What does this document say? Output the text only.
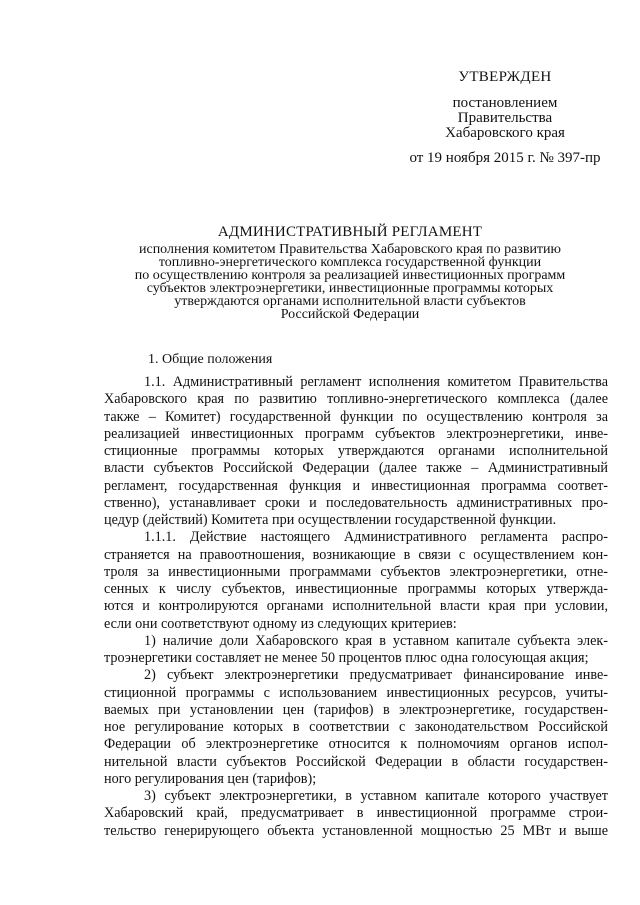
УТВЕРЖДЕН
постановлением
Правительства
Хабаровского края
от 19 ноября 2015 г. № 397-пр
АДМИНИСТРАТИВНЫЙ РЕГЛАМЕНТ
исполнения комитетом Правительства Хабаровского края по развитию
топливно-энергетического комплекса государственной функции
по осуществлению контроля за реализацией инвестиционных программ
субъектов электроэнергетики, инвестиционные программы которых
утверждаются органами исполнительной власти субъектов
Российской Федерации
1. Общие положения
1.1. Административный регламент исполнения комитетом Правительства
Хабаровского края по развитию топливно-энергетического комплекса (далее
также – Комитет) государственной функции по осуществлению контроля за
реализацией инвестиционных программ субъектов электроэнергетики, инве-
стиционные программы которых утверждаются органами исполнительной
власти субъектов Российской Федерации (далее также – Административный
регламент, государственная функция и инвестиционная программа соответ-
ственно), устанавливает сроки и последовательность административных про-
цедур (действий) Комитета при осуществлении государственной функции.
1.1.1. Действие настоящего Административного регламента распро-
страняется на правоотношения, возникающие в связи с осуществлением кон-
троля за инвестиционными программами субъектов электроэнергетики, отне-
сенных к числу субъектов, инвестиционные программы которых утвержда-
ются и контролируются органами исполнительной власти края при условии,
если они соответствуют одному из следующих критериев:
1) наличие доли Хабаровского края в уставном капитале субъекта элек-
троэнергетики составляет не менее 50 процентов плюс одна голосующая акция;
2) субъект электроэнергетики предусматривает финансирование инве-
стиционной программы с использованием инвестиционных ресурсов, учиты-
ваемых при установлении цен (тарифов) в электроэнергетике, государствен-
ное регулирование которых в соответствии с законодательством Российской
Федерации об электроэнергетике относится к полномочиям органов испол-
нительной власти субъектов Российской Федерации в области государствен-
ного регулирования цен (тарифов);
3) субъект электроэнергетики, в уставном капитале которого участвует
Хабаровский край, предусматривает в инвестиционной программе строи-
тельство генерирующего объекта установленной мощностью 25 МВт и выше
